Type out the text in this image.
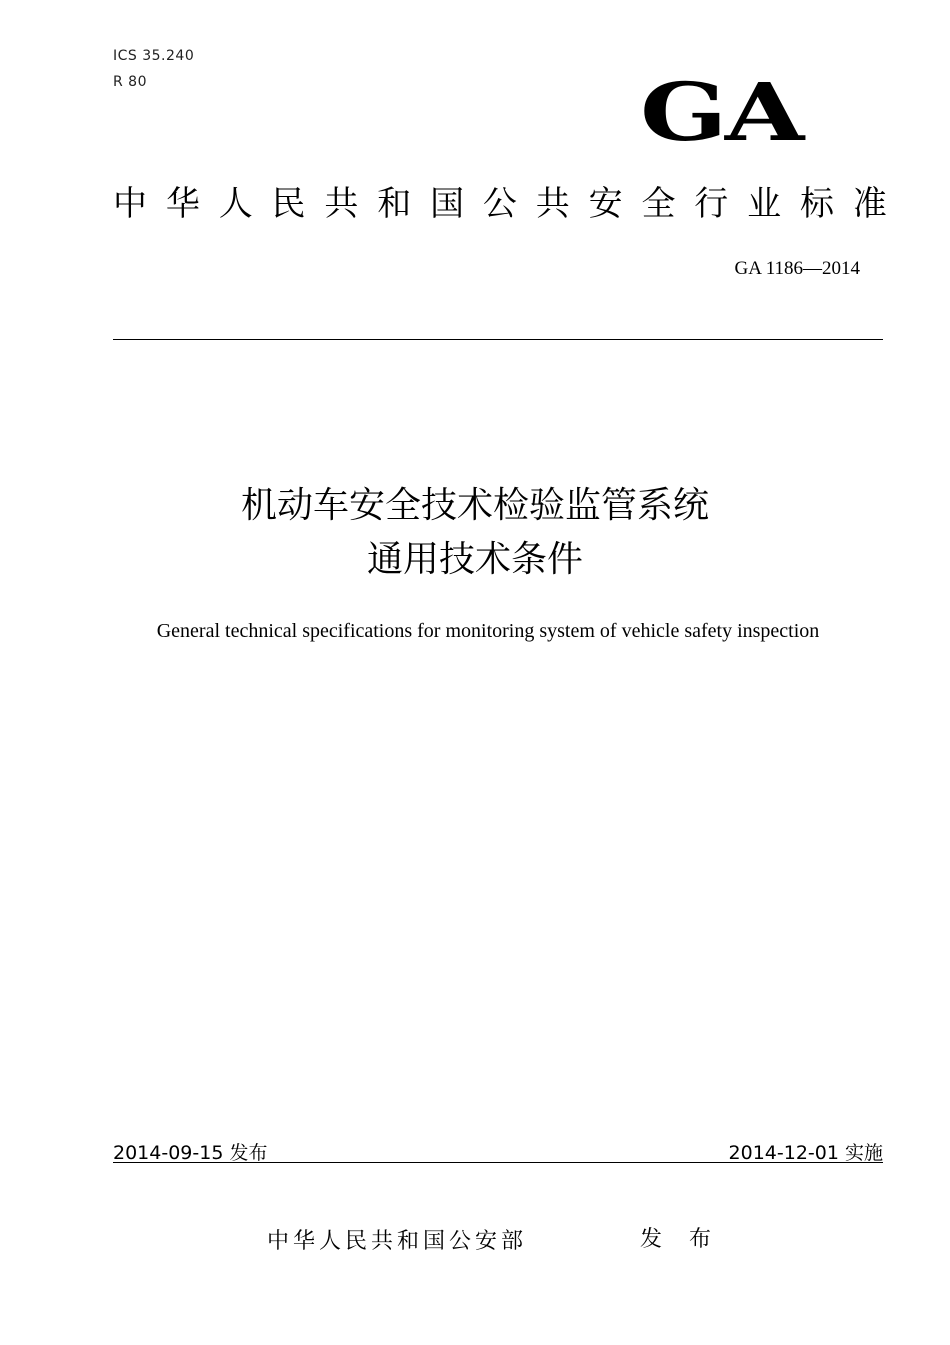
ICS 35.240
R 80	GA
中 华 人 民 共 和 国 公 共 安 全 行 业 标 准
GA 1186—2014
机动车安全技术检验监管系统
通用技术条件
General technical specifications for monitoring system of vehicle safety inspection
2014-09-15 发布	2014-12-01 实施
中华人民共和国公安部	发 布
